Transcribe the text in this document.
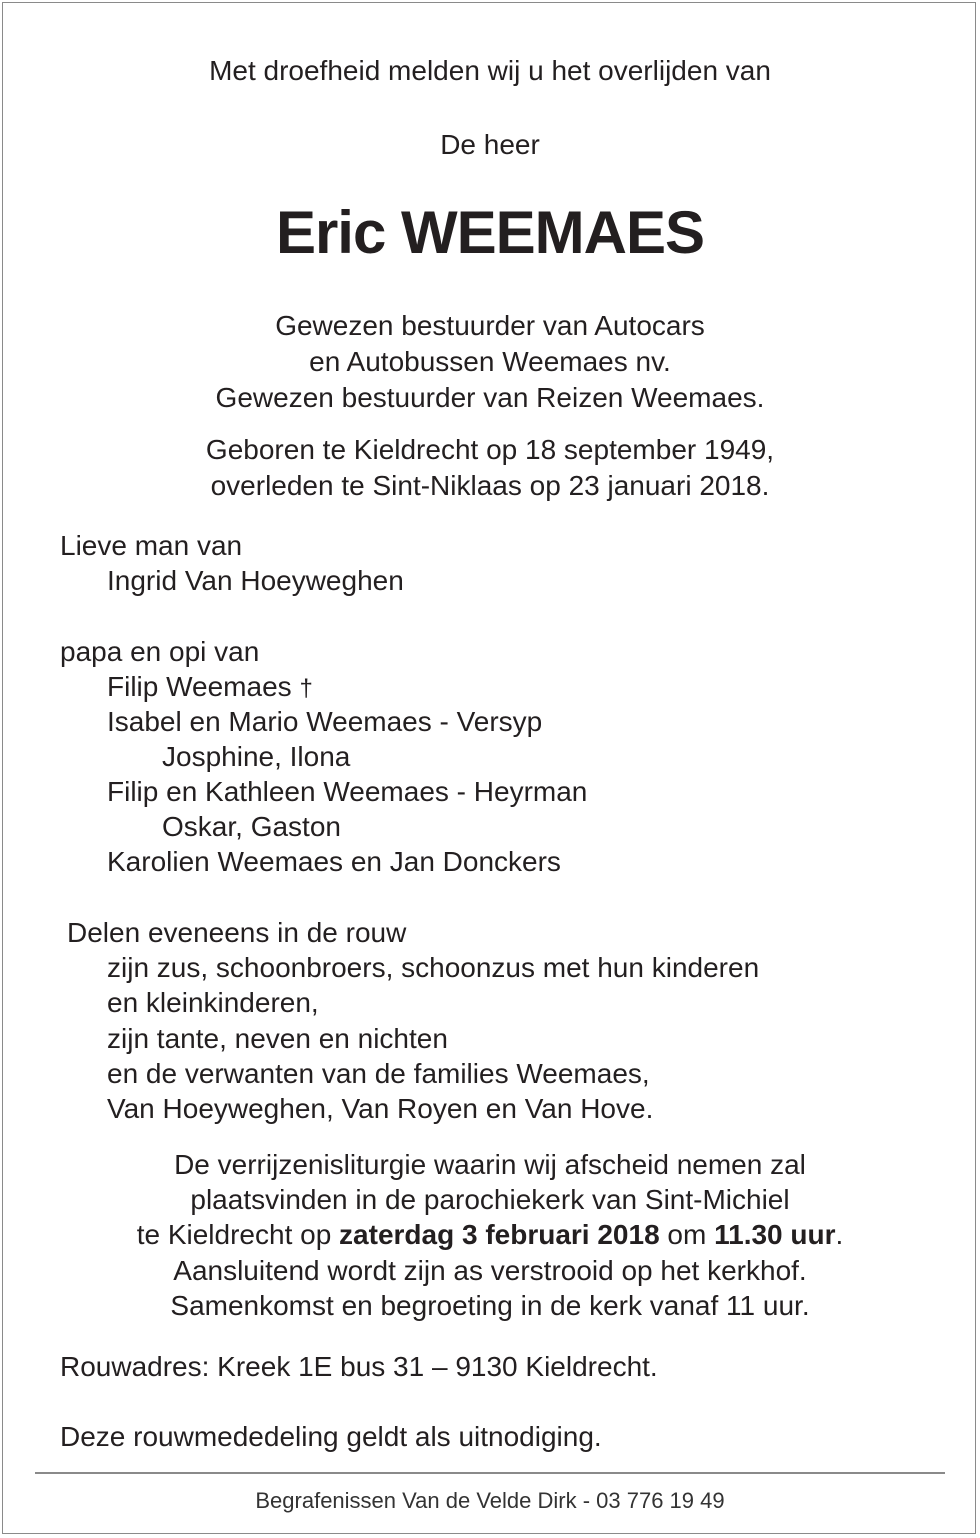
Met droefheid melden wij u het overlijden van
De heer
Eric WEEMAES
Gewezen bestuurder van Autocars
en Autobussen Weemaes nv.
Gewezen bestuurder van Reizen Weemaes.
Geboren te Kieldrecht op 18 september 1949,
overleden te Sint-Niklaas op 23 januari 2018.
Lieve man van
Ingrid Van Hoeyweghen
papa en opi van
Filip Weemaes †
Isabel en Mario Weemaes - Versyp
Josphine, Ilona
Filip en Kathleen Weemaes - Heyrman
Oskar, Gaston
Karolien Weemaes en Jan Donckers
Delen eveneens in de rouw
zijn zus, schoonbroers, schoonzus met hun kinderen
en kleinkinderen,
zijn tante, neven en nichten
en de verwanten van de families Weemaes,
Van Hoeyweghen, Van Royen en Van Hove.
De verrijzenisliturgie waarin wij afscheid nemen zal
plaatsvinden in de parochiekerk van Sint-Michiel
te Kieldrecht op zaterdag 3 februari 2018 om 11.30 uur.
Aansluitend wordt zijn as verstrooid op het kerkhof.
Samenkomst en begroeting in de kerk vanaf 11 uur.
Rouwadres: Kreek 1E bus 31 – 9130 Kieldrecht.
Deze rouwmededeling geldt als uitnodiging.
Begrafenissen Van de Velde Dirk - 03 776 19 49
